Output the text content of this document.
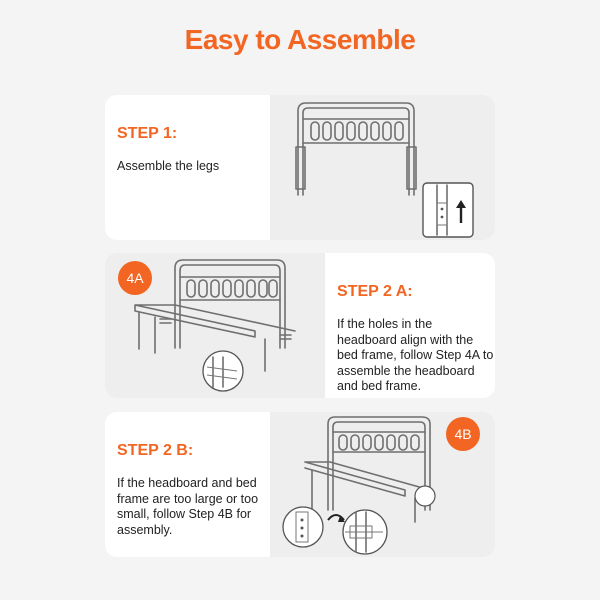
Easy to Assemble
STEP 1:
Assemble the legs
4A
STEP 2 A:
If the holes in the headboard align with the bed frame, follow Step 4A to assemble the headboard and bed frame.
STEP 2 B:
If the headboard and bed frame are too large or too small, follow Step 4B for assembly.
4B
